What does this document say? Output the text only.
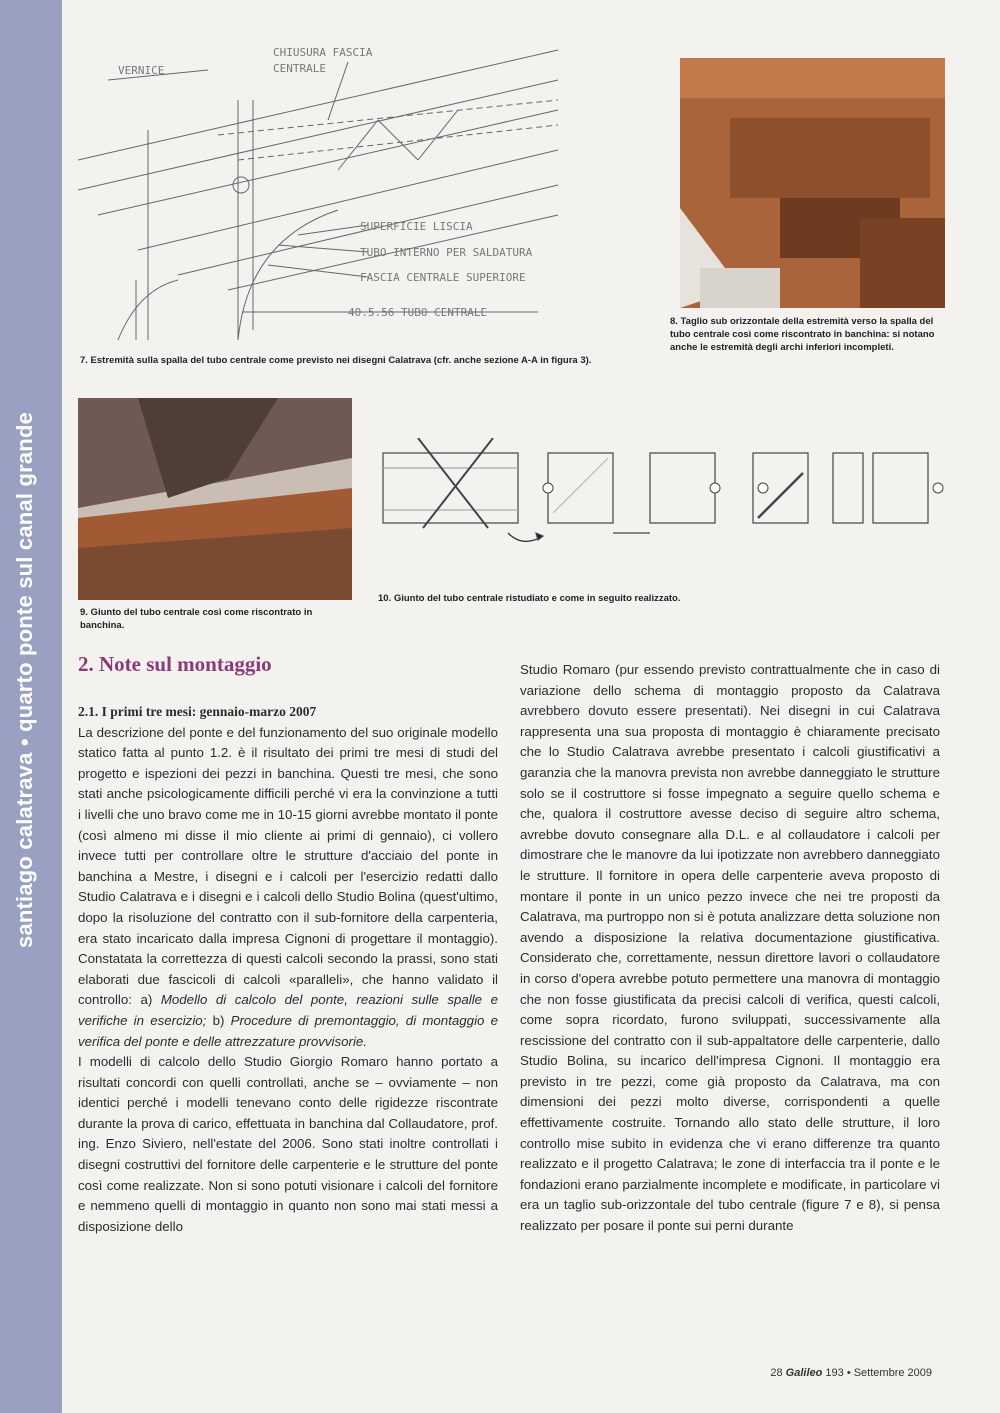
santiago calatrava • quarto ponte sul canal grande
VERNICE
CHIUSURA FASCIA
CENTRALE
SUPERFICIE LISCIA
TUBO INTERNO PER SALDATURA
FASCIA CENTRALE SUPERIORE
40.5.56 TUBO CENTRALE
7. Estremità sulla spalla del tubo centrale come previsto nei disegni Calatrava (cfr. anche sezione A-A in figura 3).
8. Taglio sub orizzontale della estremità verso la spalla del tubo centrale così come riscontrato in banchina: si notano anche le estremità degli archi inferiori incompleti.
9. Giunto del tubo centrale così come riscontrato in banchina.
10. Giunto del tubo centrale ristudiato e come in seguito realizzato.
2. Note sul montaggio

2.1. I primi tre mesi: gennaio-marzo 2007

La descrizione del ponte e del funzionamento del suo originale modello statico fatta al punto 1.2. è il risultato dei primi tre mesi di studi del progetto e ispezioni dei pezzi in banchina. Questi tre mesi, che sono stati anche psicologicamente difficili perché vi era la convinzione a tutti i livelli che uno bravo come me in 10-15 giorni avrebbe montato il ponte (così almeno mi disse il mio cliente ai primi di gennaio), ci vollero invece tutti per controllare oltre le strutture d'acciaio del ponte in banchina a Mestre, i disegni e i calcoli per l'esercizio redatti dallo Studio Calatrava e i disegni e i calcoli dello Studio Bolina (quest'ultimo, dopo la risoluzione del contratto con il sub-fornitore della carpenteria, era stato incaricato dalla impresa Cignoni di progettare il montaggio). Constatata la correttezza di questi calcoli secondo la prassi, sono stati elaborati due fascicoli di calcoli «paralleli», che hanno validato il controllo: a) Modello di calcolo del ponte, reazioni sulle spalle e verifiche in esercizio; b) Procedure di premontaggio, di montaggio e verifica del ponte e delle attrezzature provvisorie.

I modelli di calcolo dello Studio Giorgio Romaro hanno portato a risultati concordi con quelli controllati, anche se – ovviamente – non identici perché i modelli tenevano conto delle rigidezze riscontrate durante la prova di carico, effettuata in banchina dal Collaudatore, prof. ing. Enzo Siviero, nell'estate del 2006. Sono stati inoltre controllati i disegni costruttivi del fornitore delle carpenterie e le strutture del ponte così come realizzate. Non si sono potuti visionare i calcoli del fornitore e nemmeno quelli di montaggio in quanto non sono mai stati messi a disposizione dello

Studio Romaro (pur essendo previsto contrattualmente che in caso di variazione dello schema di montaggio proposto da Calatrava avrebbero dovuto essere presentati). Nei disegni in cui Calatrava rappresenta una sua proposta di montaggio è chiaramente precisato che lo Studio Calatrava avrebbe presentato i calcoli giustificativi a garanzia che la manovra prevista non avrebbe danneggiato le strutture solo se il costruttore si fosse impegnato a seguire quello schema e che, qualora il costruttore avesse deciso di seguire altro schema, avrebbe dovuto consegnare alla D.L. e al collaudatore i calcoli per dimostrare che le manovre da lui ipotizzate non avrebbero danneggiato le strutture. Il fornitore in opera delle carpenterie aveva proposto di montare il ponte in un unico pezzo invece che nei tre proposti da Calatrava, ma purtroppo non si è potuta analizzare detta soluzione non avendo a disposizione la relativa documentazione giustificativa. Considerato che, correttamente, nessun direttore lavori o collaudatore in corso d'opera avrebbe potuto permettere una manovra di montaggio che non fosse giustificata da precisi calcoli di verifica, questi calcoli, come sopra ricordato, furono sviluppati, successivamente alla rescissione del contratto con il sub-appaltatore delle carpenterie, dallo Studio Bolina, su incarico dell'impresa Cignoni. Il montaggio era previsto in tre pezzi, come già proposto da Calatrava, ma con dimensioni dei pezzi molto diverse, corrispondenti a quelle effettivamente costruite. Tornando allo stato delle strutture, il loro controllo mise subito in evidenza che vi erano differenze tra quanto realizzato e il progetto Calatrava; le zone di interfaccia tra il ponte e le fondazioni erano parzialmente incomplete e modificate, in particolare vi era un taglio sub-orizzontale del tubo centrale (figure 7 e 8), si pensa realizzato per posare il ponte sui perni durante

28 Galileo 193 • Settembre 2009
